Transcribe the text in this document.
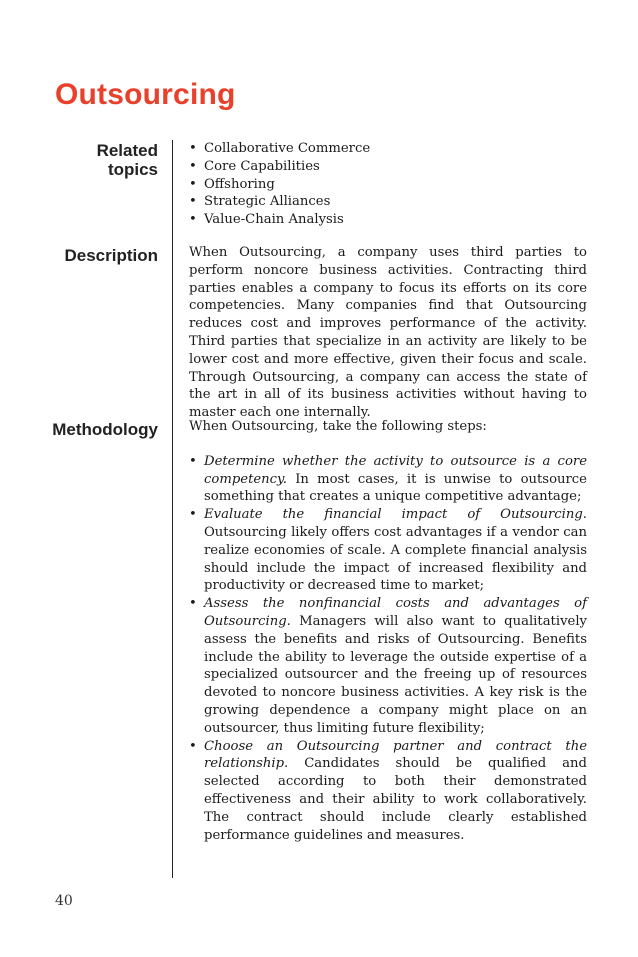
Outsourcing
Related
topics
• Collaborative Commerce
• Core Capabilities
• Offshoring
• Strategic Alliances
• Value-Chain Analysis
Description When Outsourcing, a company uses third parties to perform noncore business activities. Contracting third parties enables a company to focus its efforts on its core competencies. Many companies find that Outsourcing reduces cost and improves performance of the activity. Third parties that specialize in an activity are likely to be lower cost and more effective, given their focus and scale. Through Outsourcing, a company can access the state of the art in all of its business activities without having to master each one internally.

Methodology When Outsourcing, take the following steps:

• Determine whether the activity to outsource is a core competency. In most cases, it is unwise to outsource something that creates a unique competitive advantage;
• Evaluate the financial impact of Outsourcing. Outsourcing likely offers cost advantages if a vendor can realize economies of scale. A complete financial analysis should include the impact of increased flexibility and productivity or decreased time to market;
• Assess the nonfinancial costs and advantages of Outsourcing. Managers will also want to qualitatively assess the benefits and risks of Outsourcing. Benefits include the ability to leverage the outside expertise of a specialized outsourcer and the freeing up of resources devoted to noncore business activities. A key risk is the growing dependence a company might place on an outsourcer, thus limiting future flexibility;
• Choose an Outsourcing partner and contract the relationship. Candidates should be qualified and selected according to both their demonstrated effectiveness and their ability to work collaboratively. The contract should include clearly established performance guidelines and measures.
40
